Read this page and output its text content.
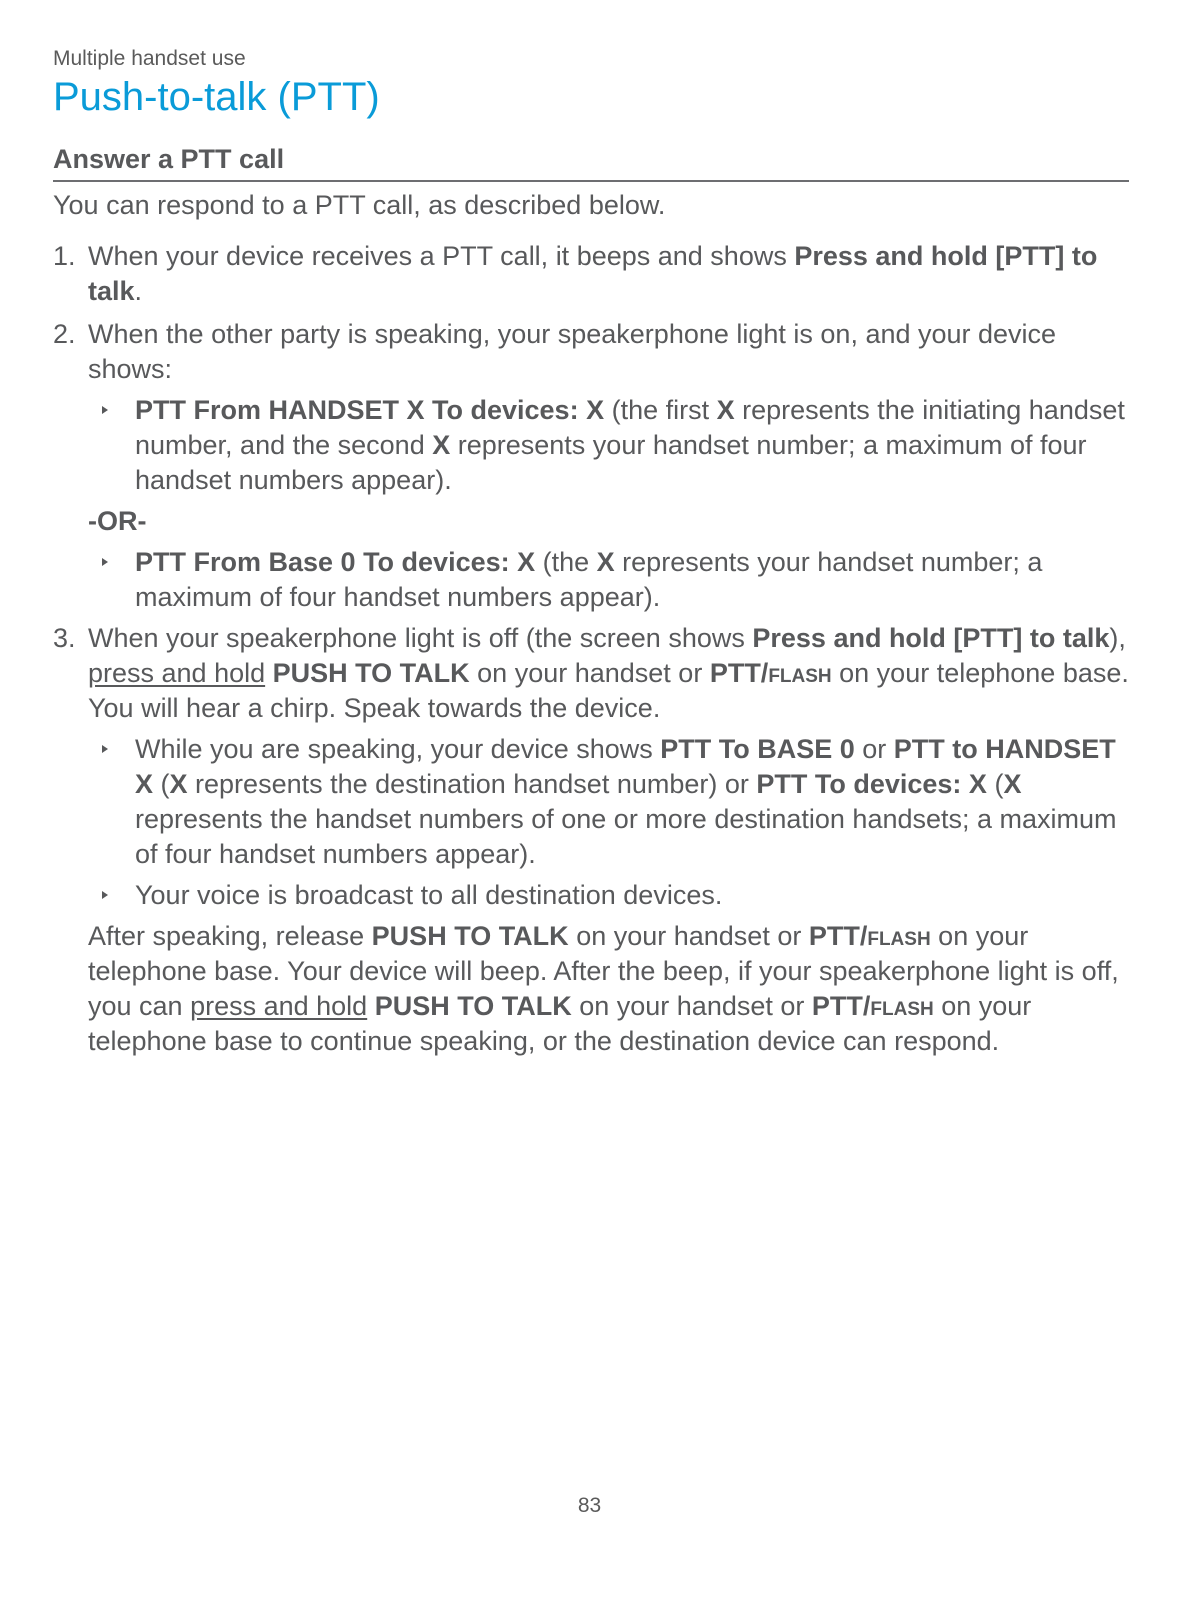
Multiple handset use
Push-to-talk (PTT)
Answer a PTT call
You can respond to a PTT call, as described below.
1. When your device receives a PTT call, it beeps and shows Press and hold [PTT] to talk.
2. When the other party is speaking, your speakerphone light is on, and your device shows:
PTT From HANDSET X To devices: X (the first X represents the initiating handset number, and the second X represents your handset number; a maximum of four handset numbers appear).
-OR-
PTT From Base 0 To devices: X (the X represents your handset number; a maximum of four handset numbers appear).
3. When your speakerphone light is off (the screen shows Press and hold [PTT] to talk), press and hold PUSH TO TALK on your handset or PTT/flash on your telephone base. You will hear a chirp. Speak towards the device.
While you are speaking, your device shows PTT To BASE 0 or PTT to HANDSET X (X represents the destination handset number) or PTT To devices: X (X represents the handset numbers of one or more destination handsets; a maximum of four handset numbers appear).
Your voice is broadcast to all destination devices.
After speaking, release PUSH TO TALK on your handset or PTT/flash on your telephone base. Your device will beep. After the beep, if your speakerphone light is off, you can press and hold PUSH TO TALK on your handset or PTT/flash on your telephone base to continue speaking, or the destination device can respond.
83
